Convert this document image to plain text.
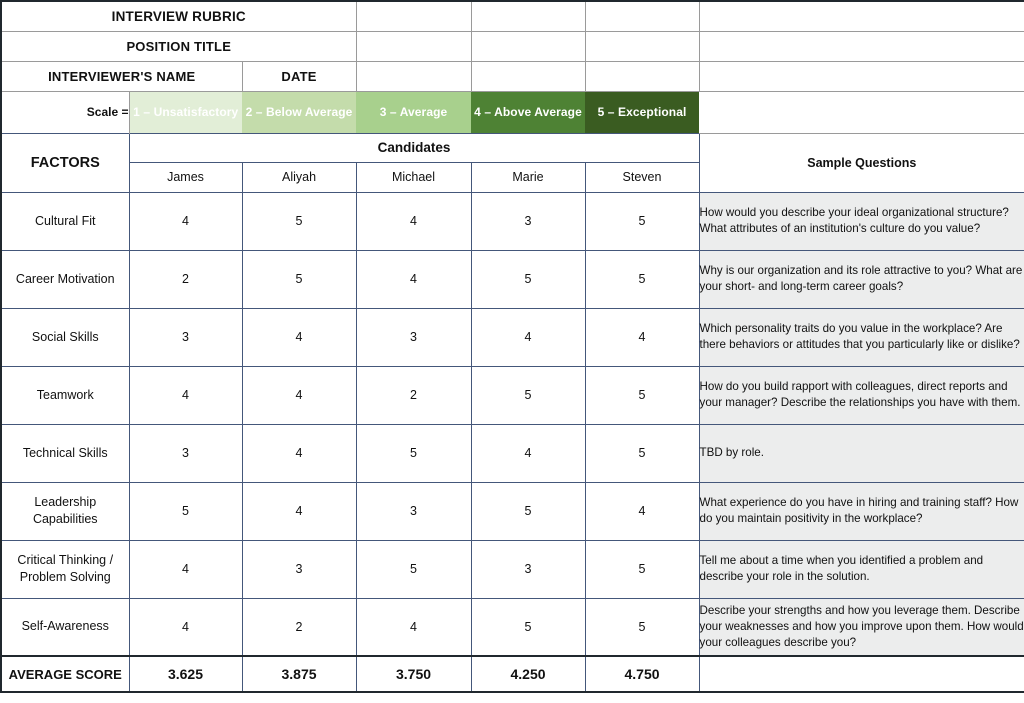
INTERVIEW RUBRIC						
POSITION TITLE						
INTERVIEWER'S NAME		DATE				
Scale =	1 – Unsatisfactory	2 – Below Average	3 – Average	4 – Above Average	5 – Exceptional	
FACTORS	Candidates					Sample Questions
	James	Aliyah	Michael	Marie	Steven	
Cultural Fit	4	5	4	3	5	How would you describe your ideal organizational structure? What attributes of an institution's culture do you value?
Career Motivation	2	5	4	5	5	Why is our organization and its role attractive to you? What are your short- and long-term career goals?
Social Skills	3	4	3	4	4	Which personality traits do you value in the workplace? Are there behaviors or attitudes that you particularly like or dislike?
Teamwork	4	4	2	5	5	How do you build rapport with colleagues, direct reports and your manager? Describe the relationships you have with them.
Technical Skills	3	4	5	4	5	TBD by role.
Leadership Capabilities	5	4	3	5	4	What experience do you have in hiring and training staff? How do you maintain positivity in the workplace?
Critical Thinking / Problem Solving	4	3	5	3	5	Tell me about a time when you identified a problem and describe your role in the solution.
Self-Awareness	4	2	4	5	5	Describe your strengths and how you leverage them. Describe your weaknesses and how you improve upon them. How would your colleagues describe you?
AVERAGE SCORE	3.625	3.875	3.750	4.250	4.750	
